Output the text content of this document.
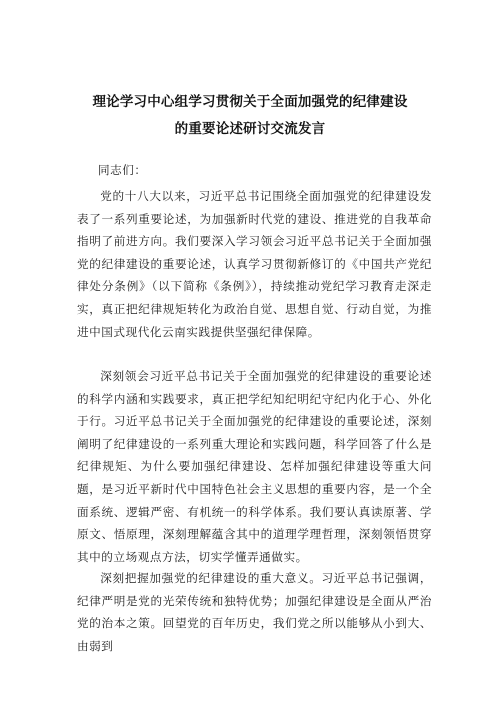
理论学习中心组学习贯彻关于全面加强党的纪律建设
的重要论述研讨交流发言
同志们：

党的十八大以来，习近平总书记围绕全面加强党的纪律建设发表了一系列重要论述，为加强新时代党的建设、推进党的自我革命指明了前进方向。我们要深入学习领会习近平总书记关于全面加强党的纪律建设的重要论述，认真学习贯彻新修订的《中国共产党纪律处分条例》（以下简称《条例》），持续推动党纪学习教育走深走实，真正把纪律规矩转化为政治自觉、思想自觉、行动自觉，为推进中国式现代化云南实践提供坚强纪律保障。

深刻领会习近平总书记关于全面加强党的纪律建设的重要论述的科学内涵和实践要求，真正把学纪知纪明纪守纪内化于心、外化于行。习近平总书记关于全面加强党的纪律建设的重要论述，深刻阐明了纪律建设的一系列重大理论和实践问题，科学回答了什么是纪律规矩、为什么要加强纪律建设、怎样加强纪律建设等重大问题，是习近平新时代中国特色社会主义思想的重要内容，是一个全面系统、逻辑严密、有机统一的科学体系。我们要认真读原著、学原文、悟原理，深刻理解蕴含其中的道理学理哲理，深刻领悟贯穿其中的立场观点方法，切实学懂弄通做实。

深刻把握加强党的纪律建设的重大意义。习近平总书记强调，纪律严明是党的光荣传统和独特优势；加强纪律建设是全面从严治党的治本之策。回望党的百年历史，我们党之所以能够从小到大、由弱到
